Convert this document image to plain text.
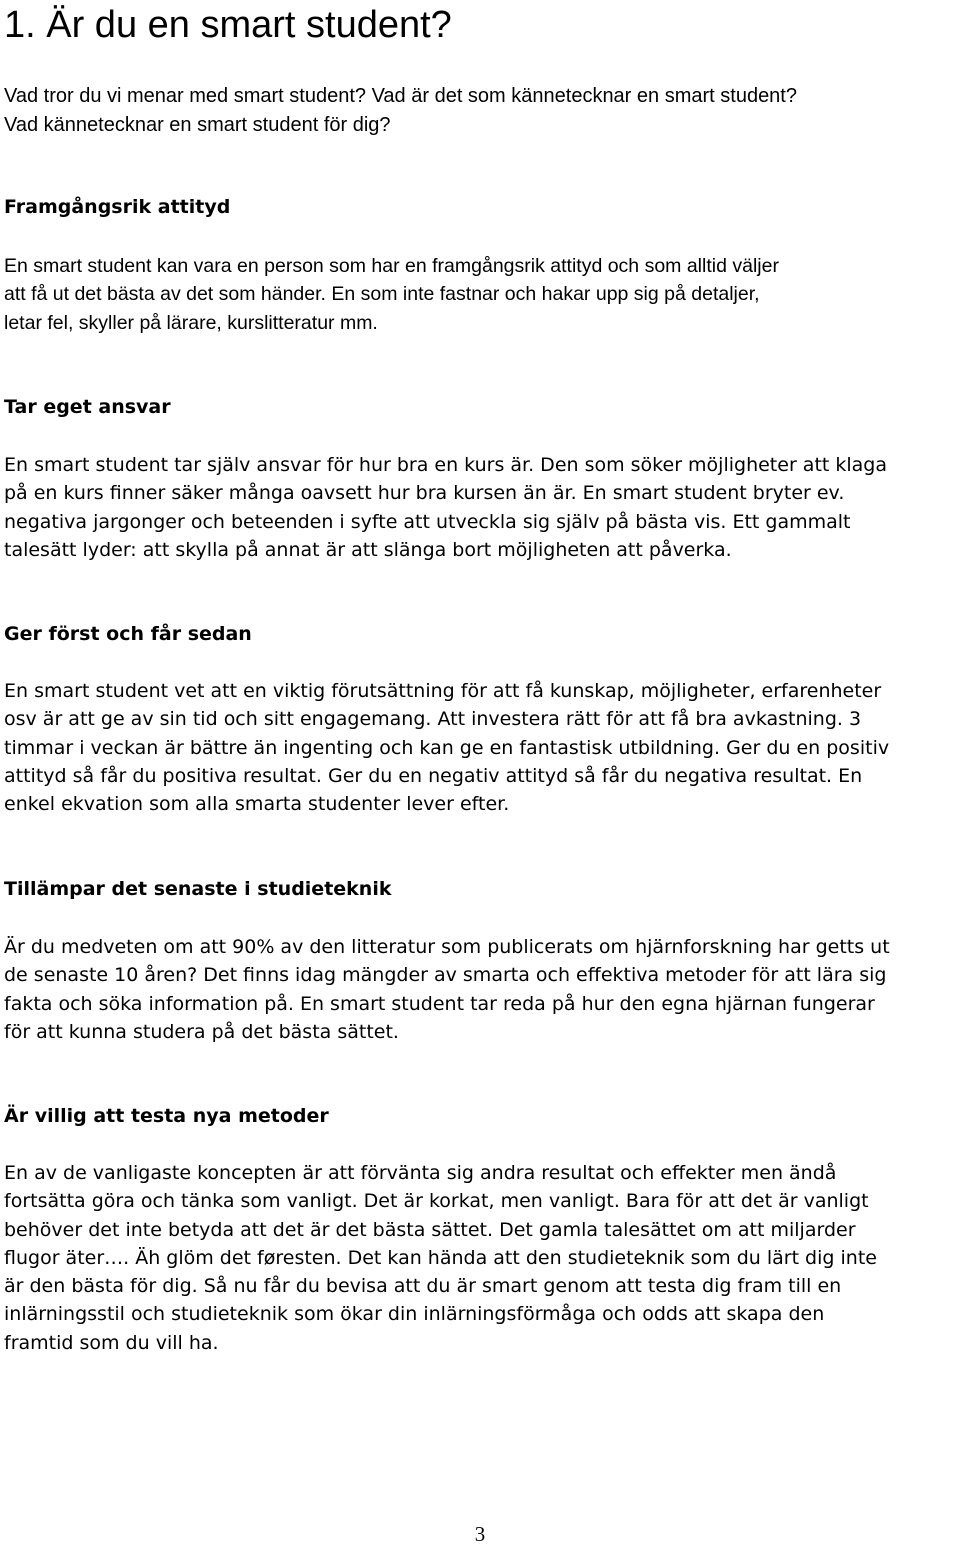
1. Är du en smart student?

Vad tror du vi menar med smart student? Vad är det som kännetecknar en smart student?
Vad kännetecknar en smart student för dig?

Framgångsrik attityd

En smart student kan vara en person som har en framgångsrik attityd och som alltid väljer
att få ut det bästa av det som händer. En som inte fastnar och hakar upp sig på detaljer,
letar fel, skyller på lärare, kurslitteratur mm.

Tar eget ansvar

En smart student tar själv ansvar för hur bra en kurs är. Den som söker möjligheter att klaga
på en kurs finner säker många oavsett hur bra kursen än är. En smart student bryter ev.
negativa jargonger och beteenden i syfte att utveckla sig själv på bästa vis. Ett gammalt
talesätt lyder: att skylla på annat är att slänga bort möjligheten att påverka.

Ger först och får sedan

En smart student vet att en viktig förutsättning för att få kunskap, möjligheter, erfarenheter
osv är att ge av sin tid och sitt engagemang. Att investera rätt för att få bra avkastning. 3
timmar i veckan är bättre än ingenting och kan ge en fantastisk utbildning. Ger du en positiv
attityd så får du positiva resultat. Ger du en negativ attityd så får du negativa resultat. En
enkel ekvation som alla smarta studenter lever efter.

Tillämpar det senaste i studieteknik

Är du medveten om att 90% av den litteratur som publicerats om hjärnforskning har getts ut
de senaste 10 åren? Det finns idag mängder av smarta och effektiva metoder för att lära sig
fakta och söka information på. En smart student tar reda på hur den egna hjärnan fungerar
för att kunna studera på det bästa sättet.

Är villig att testa nya metoder

En av de vanligaste koncepten är att förvänta sig andra resultat och effekter men ändå
fortsätta göra och tänka som vanligt. Det är korkat, men vanligt. Bara för att det är vanligt
behöver det inte betyda att det är det bästa sättet. Det gamla talesättet om att miljarder
flugor äter…. Äh glöm det føresten. Det kan hända att den studieteknik som du lärt dig inte
är den bästa för dig. Så nu får du bevisa att du är smart genom att testa dig fram till en
inlärningsstil och studieteknik som ökar din inlärningsförmåga och odds att skapa den
framtid som du vill ha.

3
